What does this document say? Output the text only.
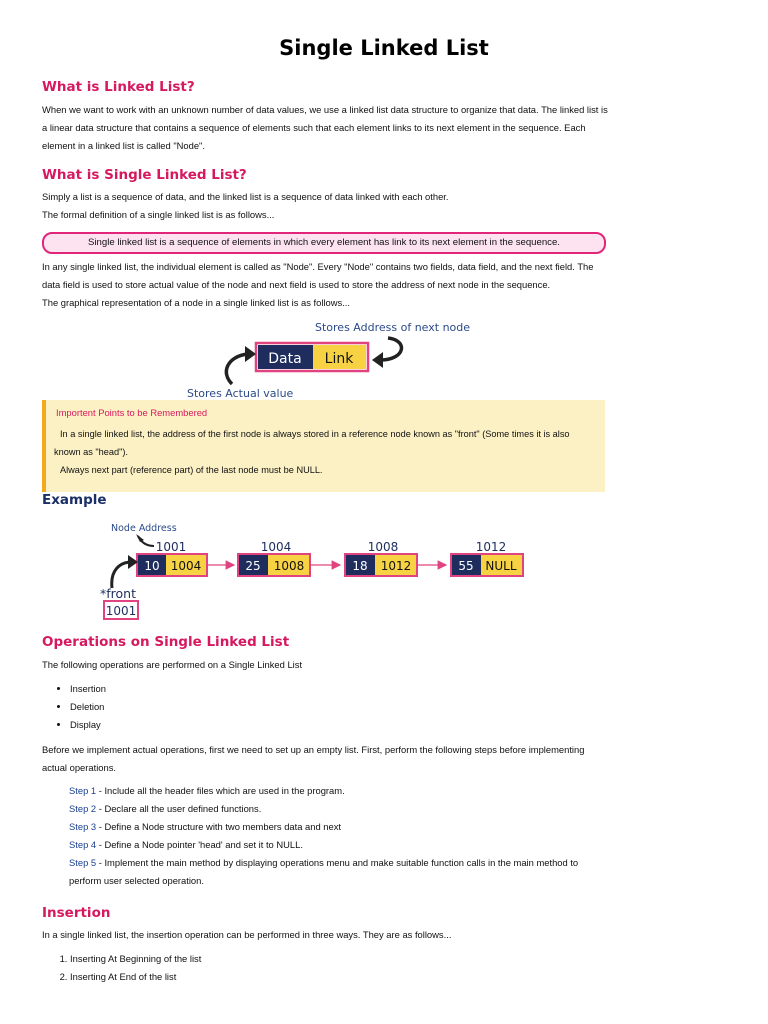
Single Linked List
What is Linked List?

When we want to work with an unknown number of data values, we use a linked list data structure to organize that data. The linked list is a linear data structure that contains a sequence of elements such that each element links to its next element in the sequence. Each element in a linked list is called "Node".

What is Single Linked List?

Simply a list is a sequence of data, and the linked list is a sequence of data linked with each other.

The formal definition of a single linked list is as follows...

Single linked list is a sequence of elements in which every element has link to its next element in the sequence.

In any single linked list, the individual element is called as "Node". Every "Node" contains two fields, data field, and the next field. The data field is used to store actual value of the node and next field is used to store the address of next node in the sequence.

The graphical representation of a node in a single linked list is as follows...

Stores Address of next node
Data Link
Stores Actual value

Importent Points to be Remembered

In a single linked list, the address of the first node is always stored in a reference node known as "front" (Some times it is also

known as "head").

Always next part (reference part) of the last node must be NULL.

Example
Node Address
1001
10 1004
1004
25 1008
1008
18 1012
1012
55 NULL
*front
1001
Operations on Single Linked List

The following operations are performed on a Single Linked List

• Insertion
• Deletion
• Display

Before we implement actual operations, first we need to set up an empty list. First, perform the following steps before implementing actual operations.

Step 1 - Include all the header files which are used in the program.
Step 2 - Declare all the user defined functions.
Step 3 - Define a Node structure with two members data and next
Step 4 - Define a Node pointer 'head' and set it to NULL.
Step 5 - Implement the main method by displaying operations menu and make suitable function calls in the main method to perform user selected operation.
Insertion

In a single linked list, the insertion operation can be performed in three ways. They are as follows...

1. Inserting At Beginning of the list
2. Inserting At End of the list
